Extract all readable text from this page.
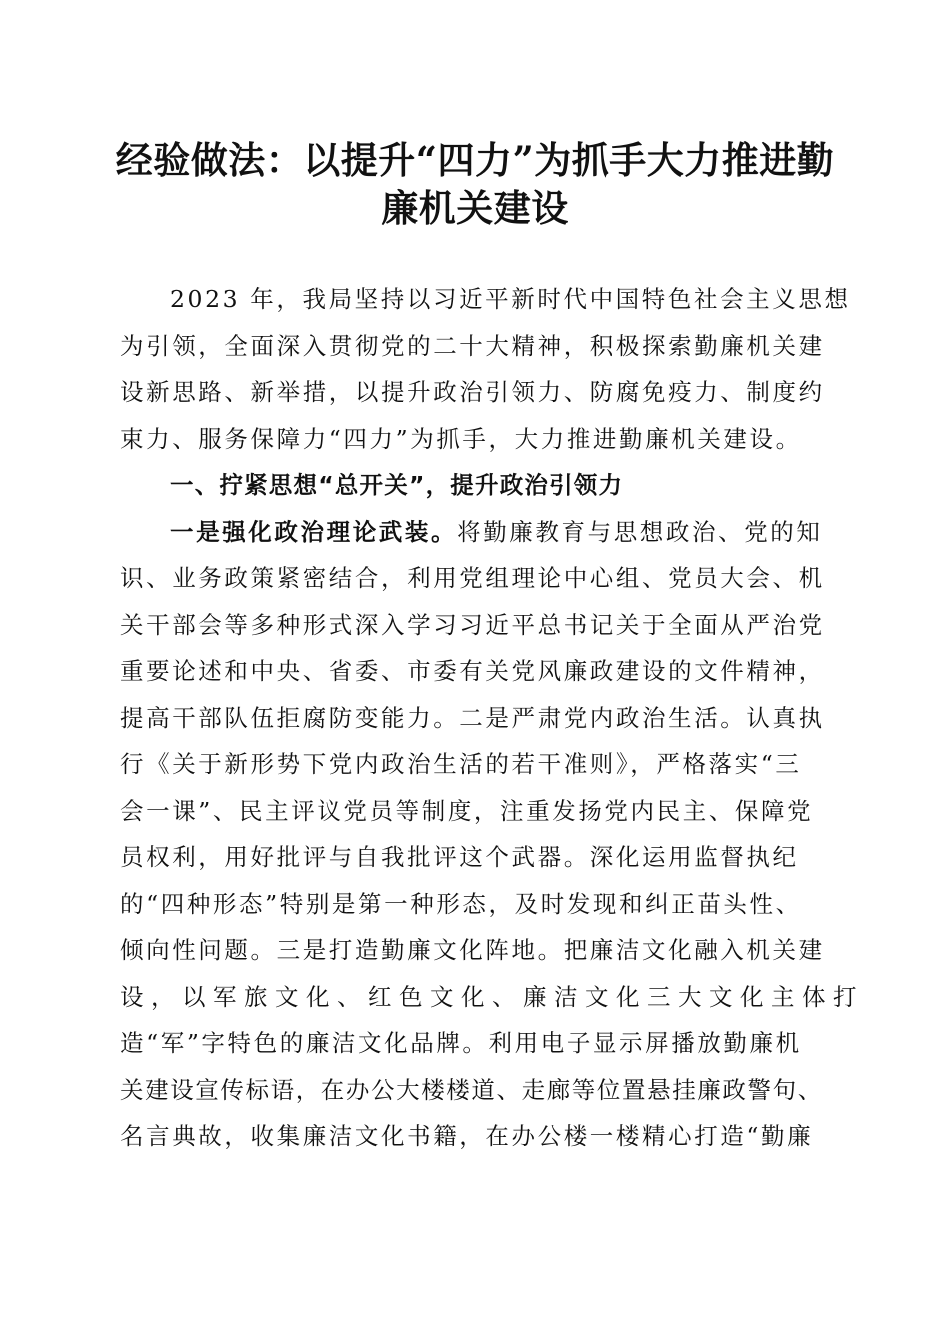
经验做法：以提升“四力”为抓手大力推进勤
廉机关建设
2023 年，我局坚持以习近平新时代中国特色社会主义思想
为引领，全面深入贯彻党的二十大精神，积极探索勤廉机关建
设新思路、新举措，以提升政治引领力、防腐免疫力、制度约
束力、服务保障力“四力”为抓手，大力推进勤廉机关建设。
一、拧紧思想“总开关”，提升政治引领力
一是强化政治理论武装。将勤廉教育与思想政治、党的知
识、业务政策紧密结合，利用党组理论中心组、党员大会、机
关干部会等多种形式深入学习习近平总书记关于全面从严治党
重要论述和中央、省委、市委有关党风廉政建设的文件精神，
提高干部队伍拒腐防变能力。二是严肃党内政治生活。认真执
行《关于新形势下党内政治生活的若干准则》，严格落实“三
会一课”、民主评议党员等制度，注重发扬党内民主、保障党
员权利，用好批评与自我批评这个武器。深化运用监督执纪
的“四种形态”特别是第一种形态，及时发现和纠正苗头性、
倾向性问题。三是打造勤廉文化阵地。把廉洁文化融入机关建
设，以军旅文化、红色文化、廉洁文化三大文化主体打
造“军”字特色的廉洁文化品牌。利用电子显示屏播放勤廉机
关建设宣传标语，在办公大楼楼道、走廊等位置悬挂廉政警句、
名言典故，收集廉洁文化书籍，在办公楼一楼精心打造“勤廉
